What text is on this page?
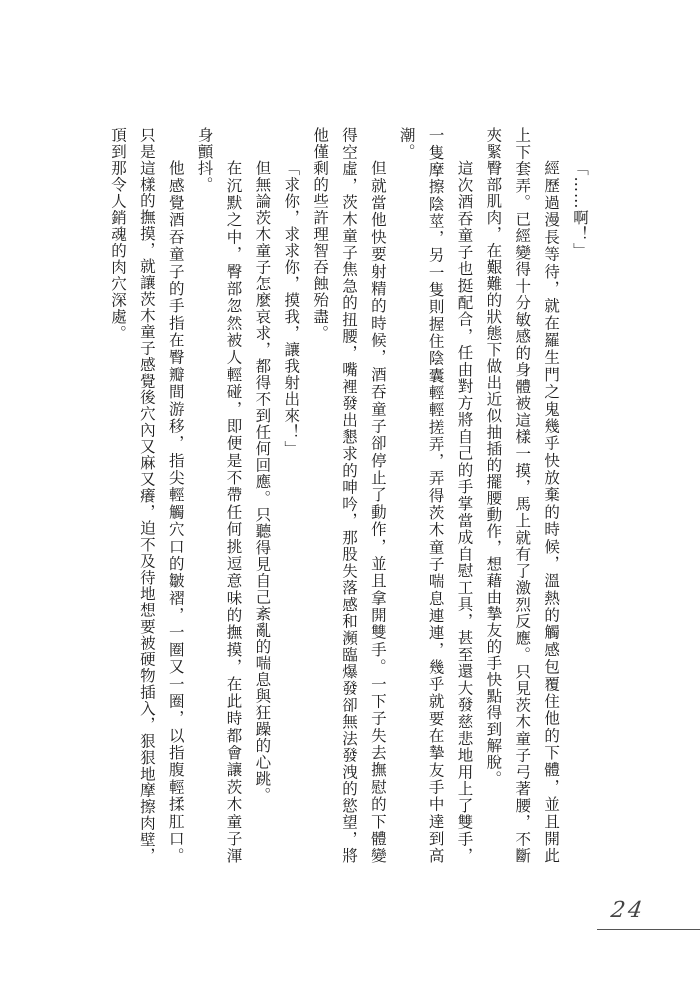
「……啊！」
經歷過漫長等待，就在羅生門之鬼幾乎快放棄的時候，溫熱的觸感包覆住他的下體，並且開此
上下套弄。已經變得十分敏感的身體被這樣一摸，馬上就有了激烈反應。只見茨木童子弓著腰，不斷
夾緊臀部肌肉，在艱難的狀態下做出近似抽插的擺腰動作，想藉由摯友的手快點得到解脫。
這次酒吞童子也挺配合，任由對方將自己的手掌當成自慰工具，甚至還大發慈悲地用上了雙手，
一隻摩擦陰莖，另一隻則握住陰囊輕輕搓弄，弄得茨木童子喘息連連，幾乎就要在摯友手中達到高
潮。
但就當他快要射精的時候，酒吞童子卻停止了動作，並且拿開雙手。一下子失去撫慰的下體變
得空虛，茨木童子焦急的扭腰，嘴裡發出懇求的呻吟，那股失落感和瀕臨爆發卻無法發洩的慾望，將
他僅剩的些許理智吞蝕殆盡。
「求你，求求你，摸我，讓我射出來！」
但無論茨木童子怎麼哀求，都得不到任何回應。只聽得見自己紊亂的喘息與狂躁的心跳。
在沉默之中，臀部忽然被人輕碰，即便是不帶任何挑逗意味的撫摸，在此時都會讓茨木童子渾
身顫抖。
他感覺酒吞童子的手指在臀瓣間游移，指尖輕觸穴口的皺褶，一圈又一圈，以指腹輕揉肛口。
只是這樣的撫摸，就讓茨木童子感覺後穴內又麻又癢，迫不及待地想要被硬物插入，狠狠地摩擦肉壁，
頂到那令人銷魂的肉穴深處。
24
